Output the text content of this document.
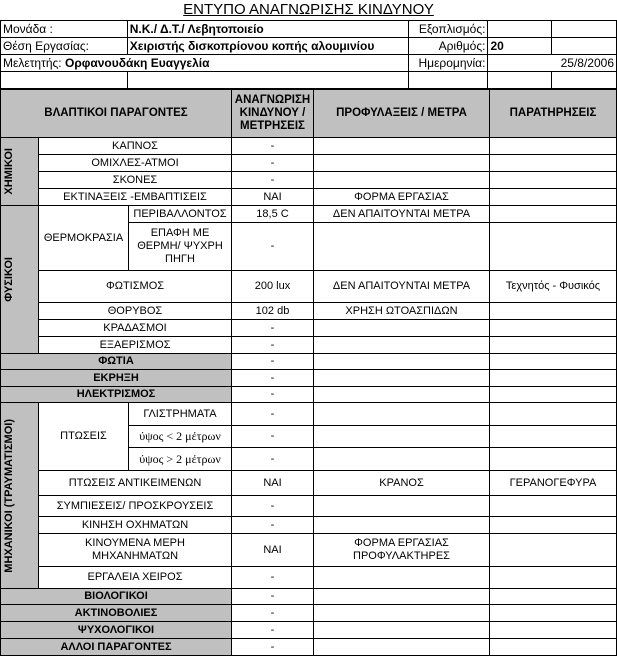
ΕΝΤΥΠΟ ΑΝΑΓΝΩΡΙΣΗΣ ΚΙΝΔΥΝΟΥ
Μονάδα :	Ν.Κ./ Δ.Τ./ Λεβητοποιείο	Εξοπλισμός:		
Θέση Εργασίας:	Χειριστής δισκοπρίονου κοπής αλουμινίου	Αριθμός:	20	
Μελετητής: Ορφανουδάκη Ευαγγελία		Ημερομηνία:	25/8/2006	

ΒΛΑΠΤΙΚΟΙ ΠΑΡΑΓΟΝΤΕΣ			ΑΝΑΓΝΩΡΙΣΗ ΚΙΝΔΥΝΟΥ / ΜΕΤΡΗΣΕΙΣ	ΠΡΟΦΥΛΑΞΕΙΣ / ΜΕΤΡΑ	ΠΑΡΑΤΗΡΗΣΕΙΣ

ΧΗΜΙΚΟΙ	ΚΑΠΝΟΣ		-		
	ΟΜΙΧΛΕΣ-ΑΤΜΟΙ		-		
	ΣΚΟΝΕΣ		-		
	ΕΚΤΙΝΑΞΕΙΣ -ΕΜΒΑΠΤΙΣΕΙΣ		ΝΑΙ	ΦΟΡΜΑ ΕΡΓΑΣΙΑΣ	

ΦΥΣΙΚΟΙ	ΘΕΡΜΟΚΡΑΣΙΑ	ΠΕΡΙΒΑΛΛΟΝΤΟΣ	18,5 C	ΔΕΝ ΑΠΑΙΤΟΥΝΤΑΙ ΜΕΤΡΑ	
		ΕΠΑΦΗ ΜΕ ΘΕΡΜΗ/ ΨΥΧΡΗ ΠΗΓΗ	-		
	ΦΩΤΙΣΜΟΣ		200 lux	ΔΕΝ ΑΠΑΙΤΟΥΝΤΑΙ ΜΕΤΡΑ	Τεχνητός - Φυσικός
	ΘΟΡΥΒΟΣ		102 db	ΧΡΗΣΗ ΩΤΟΑΣΠΙΔΩΝ	
	ΚΡΑΔΑΣΜΟΙ		-		
	ΕΞΑΕΡΙΣΜΟΣ		-		
ΦΩΤΙΑ			-		
ΕΚΡΗΞΗ			-		
ΗΛΕΚΤΡΙΣΜΟΣ			-		

ΜΗΧΑΝΙΚΟΙ (ΤΡΑΥΜΑΤΙΣΜΟΙ)	ΠΤΩΣΕΙΣ	ΓΛΙΣΤΡΗΜΑΤΑ	-		
		ύψος < 2 μέτρων	-		
		ύψος > 2 μέτρων	-		
	ΠΤΩΣΕΙΣ ΑΝΤΙΚΕΙΜΕΝΩΝ		ΝΑΙ	ΚΡΑΝΟΣ	ΓΕΡΑΝΟΓΕΦΥΡΑ
	ΣΥΜΠΙΕΣΕΙΣ/ ΠΡΟΣΚΡΟΥΣΕΙΣ		-		
	ΚΙΝΗΣΗ ΟΧΗΜΑΤΩΝ		-		
	ΚΙΝΟΥΜΕΝΑ ΜΕΡΗ ΜΗΧΑΝΗΜΑΤΩΝ		ΝΑΙ	ΦΟΡΜΑ ΕΡΓΑΣΙΑΣ ΠΡΟΦΥΛΑΚΤΗΡΕΣ	
	ΕΡΓΑΛΕΙΑ ΧΕΙΡΟΣ		-		
ΒΙΟΛΟΓΙΚΟΙ			-		
ΑΚΤΙΝΟΒΟΛΙΕΣ			-		
ΨΥΧΟΛΟΓΙΚΟΙ			-		
ΑΛΛΟΙ ΠΑΡΑΓΟΝΤΕΣ			-		
